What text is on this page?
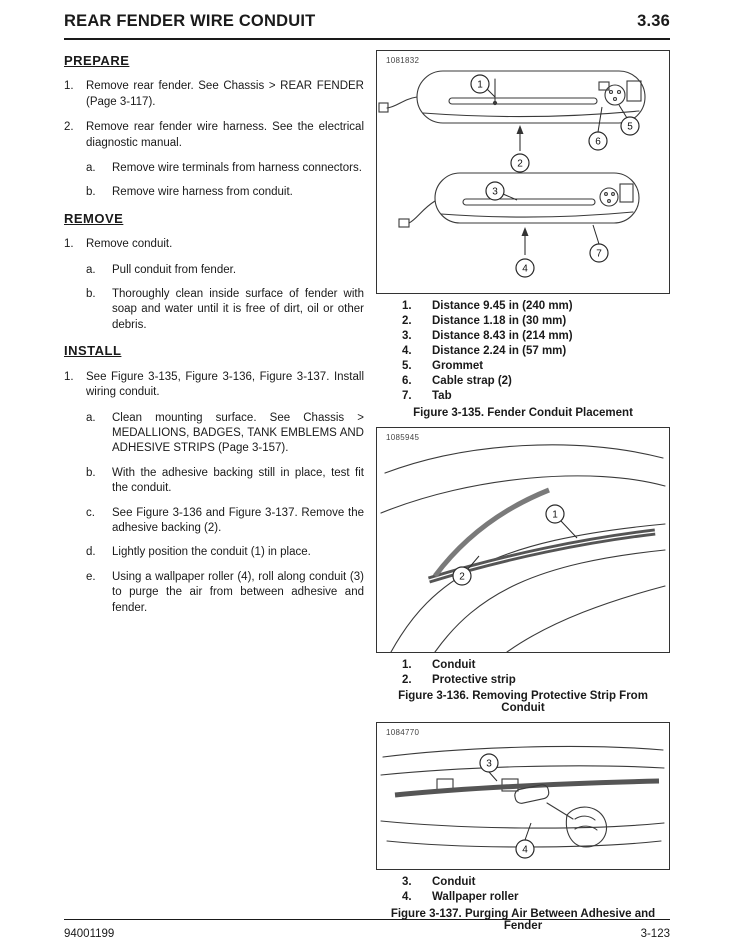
REAR FENDER WIRE CONDUIT	3.36
PREPARE
1.	Remove rear fender. See Chassis > REAR FENDER (Page 3-117).
2.	Remove rear fender wire harness. See the electrical diagnostic manual.
a.	Remove wire terminals from harness connectors.
b.	Remove wire harness from conduit.
REMOVE
1.	Remove conduit.
a.	Pull conduit from fender.
b.	Thoroughly clean inside surface of fender with soap and water until it is free of dirt, oil or other debris.
INSTALL
1.	See Figure 3-135, Figure 3-136, Figure 3-137. Install wiring conduit.
a.	Clean mounting surface. See Chassis > MEDALLIONS, BADGES, TANK EMBLEMS AND ADHESIVE STRIPS (Page 3-157).
b.	With the adhesive backing still in place, test fit the conduit.
c.	See Figure 3-136 and Figure 3-137. Remove the adhesive backing (2).
d.	Lightly position the conduit (1) in place.
e.	Using a wallpaper roller (4), roll along conduit (3) to purge the air from between adhesive and fender.
1081832
1
2
5
6
3
7
4
1.	Distance 9.45 in (240 mm)
2.	Distance 1.18 in (30 mm)
3.	Distance 8.43 in (214 mm)
4.	Distance 2.24 in (57 mm)
5.	Grommet
6.	Cable strap (2)
7.	Tab
Figure 3-135. Fender Conduit Placement
1085945
1
2
1.	Conduit
2.	Protective strip
Figure 3-136. Removing Protective Strip From Conduit
1084770
3
4
3.	Conduit
4.	Wallpaper roller
Figure 3-137. Purging Air Between Adhesive and Fender
94001199	3-123
